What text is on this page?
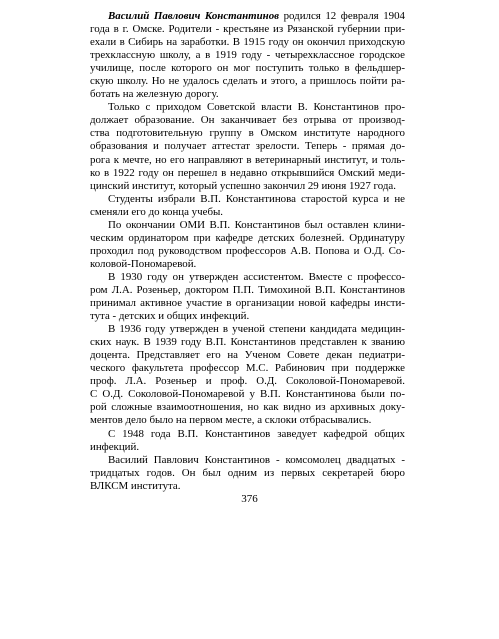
Василий Павлович Константинов родился 12 февраля 1904
года в г. Омске. Родители - крестьяне из Рязанской губернии при-
ехали в Сибирь на заработки. В 1915 году он окончил приходскую
трехклассную школу, а в 1919 году - четырехклассное городское
училище, после которого он мог поступить только в фельдшер-
скую школу. Но не удалось сделать и этого, а пришлось пойти ра-
ботать на железную дорогу.

Только с приходом Советской власти В. Константинов про-
должает образование. Он заканчивает без отрыва от производ-
ства подготовительную группу в Омском институте народного
образования и получает аттестат зрелости. Теперь - прямая до-
рога к мечте, но его направляют в ветеринарный институт, и толь-
ко в 1922 году он перешел в недавно открывшийся Омский меди-
цинский институт, который успешно закончил 29 июня 1927 года.

Студенты избрали В.П. Константинова старостой курса и не
сменяли его до конца учебы.

По окончании ОМИ В.П. Константинов был оставлен клини-
ческим ординатором при кафедре детских болезней. Ординатуру
проходил под руководством профессоров А.В. Попова и О.Д. Со-
коловой-Пономаревой.

В 1930 году он утвержден ассистентом. Вместе с профессо-
ром Л.А. Розеньер, доктором П.П. Тимохиной В.П. Константинов
принимал активное участие в организации новой кафедры инсти-
тута - детских и общих инфекций.

В 1936 году утвержден в ученой степени кандидата медицин-
ских наук. В 1939 году В.П. Константинов представлен к званию
доцента. Представляет его на Ученом Совете декан педиатри-
ческого факультета профессор М.С. Рабинович при поддержке
проф. Л.А. Розеньер и проф. О.Д. Соколовой-Пономаревой.
С О.Д. Соколовой-Пономаревой у В.П. Константинова были по-
рой сложные взаимоотношения, но как видно из архивных доку-
ментов дело было на первом месте, а склоки отбрасывались.

С 1948 года В.П. Константинов заведует кафедрой общих
инфекций.

Василий Павлович Константинов - комсомолец двадцатых -
тридцатых годов. Он был одним из первых секретарей бюро
ВЛКСМ института.

376
